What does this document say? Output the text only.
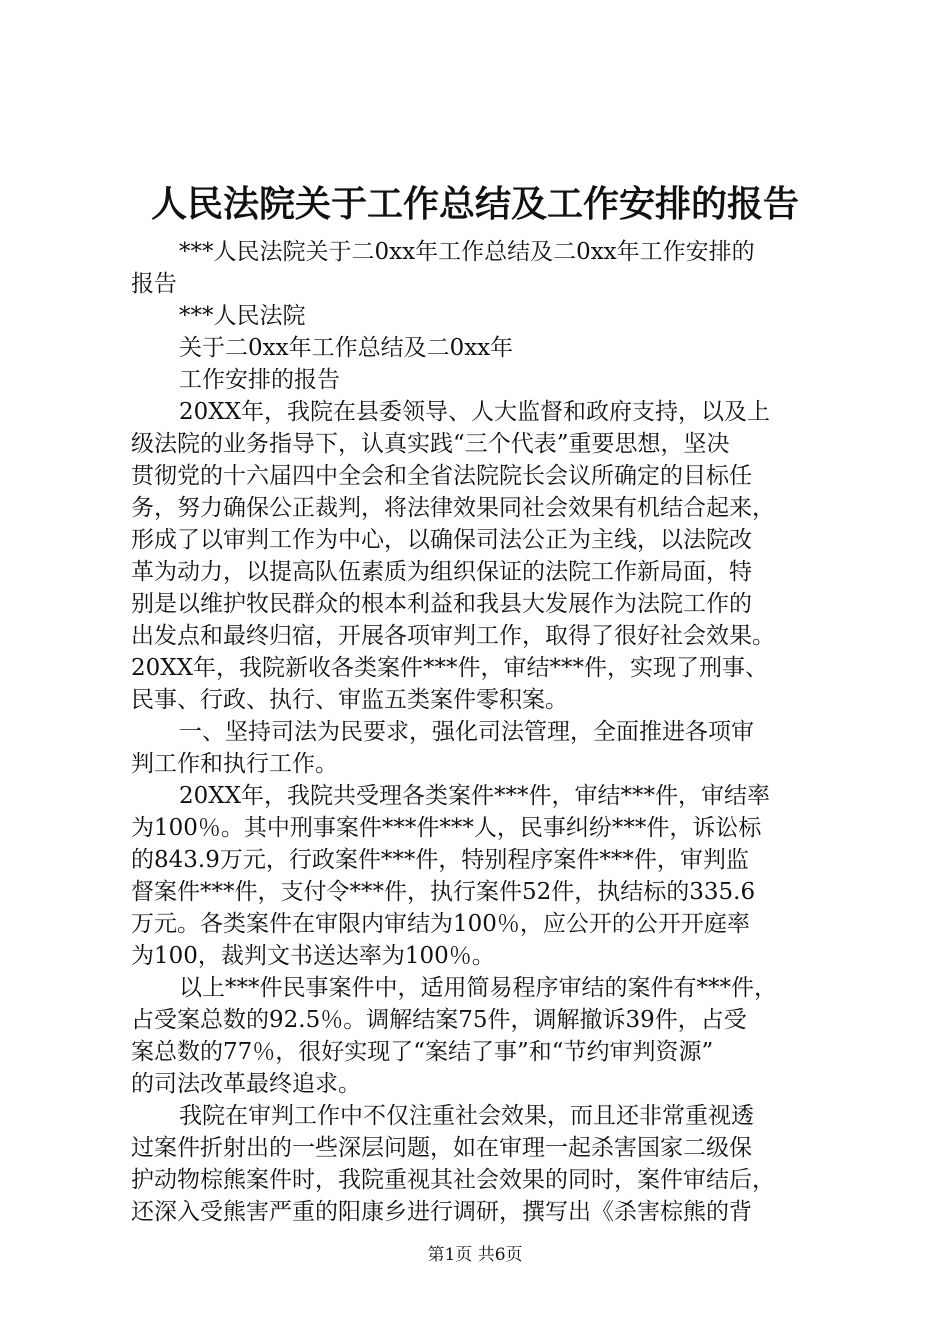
人民法院关于工作总结及工作安排的报告
***人民法院关于二0xx年工作总结及二0xx年工作安排的
报告
***人民法院
关于二0xx年工作总结及二0xx年
工作安排的报告
20XX年，我院在县委领导、人大监督和政府支持，以及上
级法院的业务指导下，认真实践“三个代表”重要思想，坚决
贯彻党的十六届四中全会和全省法院院长会议所确定的目标任
务，努力确保公正裁判，将法律效果同社会效果有机结合起来，
形成了以审判工作为中心，以确保司法公正为主线，以法院改
革为动力，以提高队伍素质为组织保证的法院工作新局面，特
别是以维护牧民群众的根本利益和我县大发展作为法院工作的
出发点和最终归宿，开展各项审判工作，取得了很好社会效果。
20XX年，我院新收各类案件***件，审结***件，实现了刑事、
民事、行政、执行、审监五类案件零积案。
一、坚持司法为民要求，强化司法管理，全面推进各项审
判工作和执行工作。
20XX年，我院共受理各类案件***件，审结***件，审结率
为100％。其中刑事案件***件***人，民事纠纷***件，诉讼标
的843.9万元，行政案件***件，特别程序案件***件，审判监
督案件***件，支付令***件，执行案件52件，执结标的335.6
万元。各类案件在审限内审结为100％，应公开的公开开庭率
为100，裁判文书送达率为100％。
以上***件民事案件中，适用简易程序审结的案件有***件，
占受案总数的92.5％。调解结案75件，调解撤诉39件，占受
案总数的77％，很好实现了“案结了事”和“节约审判资源”
的司法改革最终追求。
我院在审判工作中不仅注重社会效果，而且还非常重视透
过案件折射出的一些深层问题，如在审理一起杀害国家二级保
护动物棕熊案件时，我院重视其社会效果的同时，案件审结后，
还深入受熊害严重的阳康乡进行调研，撰写出《杀害棕熊的背
第1页 共6页
